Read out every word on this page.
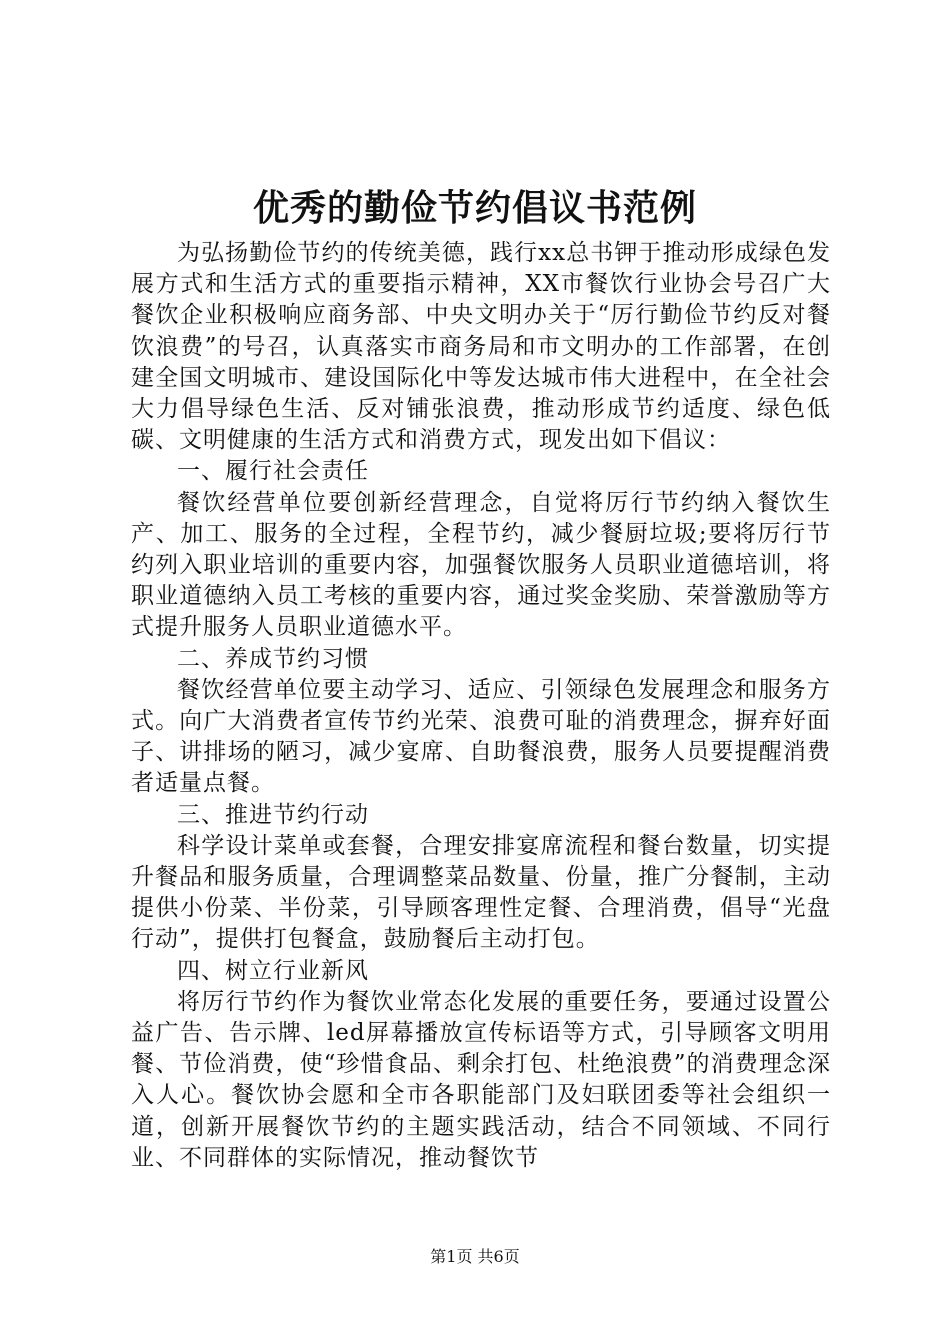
优秀的勤俭节约倡议书范例

为弘扬勤俭节约的传统美德，践行xx总书钾于推动形成绿色发展方式和生活方式的重要指示精神，XX市餐饮行业协会号召广大餐饮企业积极响应商务部、中央文明办关于“厉行勤俭节约反对餐饮浪费”的号召，认真落实市商务局和市文明办的工作部署，在创建全国文明城市、建设国际化中等发达城市伟大进程中，在全社会大力倡导绿色生活、反对铺张浪费，推动形成节约适度、绿色低碳、文明健康的生活方式和消费方式，现发出如下倡议：

一、履行社会责任

餐饮经营单位要创新经营理念，自觉将厉行节约纳入餐饮生产、加工、服务的全过程，全程节约，减少餐厨垃圾;要将厉行节约列入职业培训的重要内容，加强餐饮服务人员职业道德培训，将职业道德纳入员工考核的重要内容，通过奖金奖励、荣誉激励等方式提升服务人员职业道德水平。

二、养成节约习惯

餐饮经营单位要主动学习、适应、引领绿色发展理念和服务方式。向广大消费者宣传节约光荣、浪费可耻的消费理念，摒弃好面子、讲排场的陋习，减少宴席、自助餐浪费，服务人员要提醒消费者适量点餐。

三、推进节约行动

科学设计菜单或套餐，合理安排宴席流程和餐台数量，切实提升餐品和服务质量，合理调整菜品数量、份量，推广分餐制，主动提供小份菜、半份菜，引导顾客理性定餐、合理消费，倡导“光盘行动”，提供打包餐盒，鼓励餐后主动打包。

四、树立行业新风

将厉行节约作为餐饮业常态化发展的重要任务，要通过设置公益广告、告示牌、led屏幕播放宣传标语等方式，引导顾客文明用餐、节俭消费，使“珍惜食品、剩余打包、杜绝浪费”的消费理念深入人心。餐饮协会愿和全市各职能部门及妇联团委等社会组织一道，创新开展餐饮节约的主题实践活动，结合不同领域、不同行业、不同群体的实际情况，推动餐饮节

第1页 共6页
